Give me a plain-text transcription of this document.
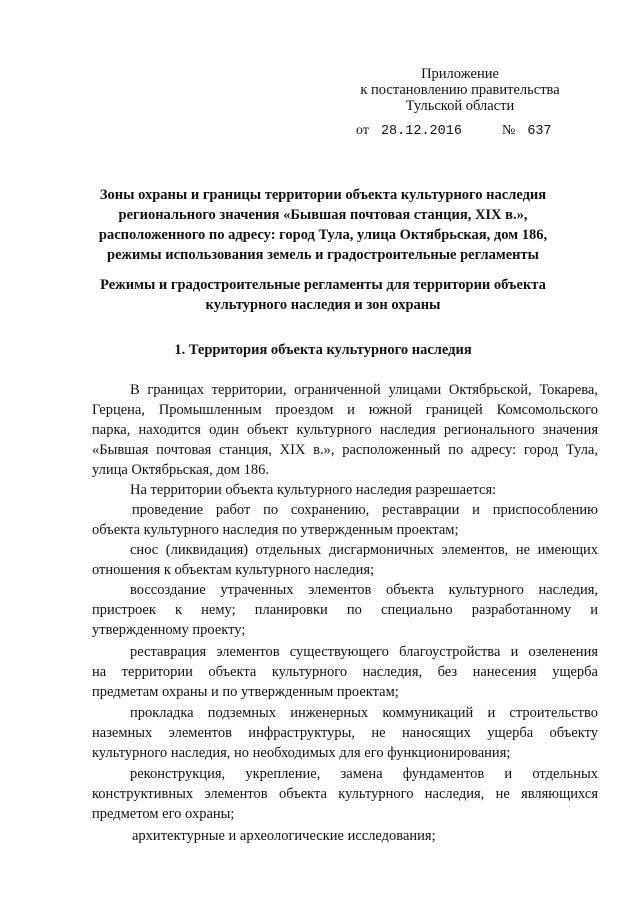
Приложение
к постановлению правительства
Тульской области
от 28.12.2016	№ 637
Зоны охраны и границы территории объекта культурного наследия
регионального значения «Бывшая почтовая станция, XIX в.»,
расположенного по адресу: город Тула, улица Октябрьская, дом 186,
режимы использования земель и градостроительные регламенты
Режимы и градостроительные регламенты для территории объекта
культурного наследия и зон охраны
1. Территория объекта культурного наследия
В границах территории, ограниченной улицами Октябрьской, Токарева,
Герцена, Промышленным проездом и южной границей Комсомольского
парка, находится один объект культурного наследия регионального значения
«Бывшая почтовая станция, XIX в.», расположенный по адресу: город Тула,
улица Октябрьская, дом 186.
На территории объекта культурного наследия разрешается:
проведение работ по сохранению, реставрации и приспособлению
объекта культурного наследия по утвержденным проектам;
снос (ликвидация) отдельных дисгармоничных элементов, не имеющих
отношения к объектам культурного наследия;
воссоздание утраченных элементов объекта культурного наследия,
пристроек к нему; планировки по специально разработанному и
утвержденному проекту;
реставрация элементов существующего благоустройства и озеленения
на территории объекта культурного наследия, без нанесения ущерба
предметам охраны и по утвержденным проектам;
прокладка подземных инженерных коммуникаций и строительство
наземных элементов инфраструктуры, не наносящих ущерба объекту
культурного наследия, но необходимых для его функционирования;
реконструкция, укрепление, замена фундаментов и отдельных
конструктивных элементов объекта культурного наследия, не являющихся
предметом его охраны;
архитектурные и археологические исследования;
